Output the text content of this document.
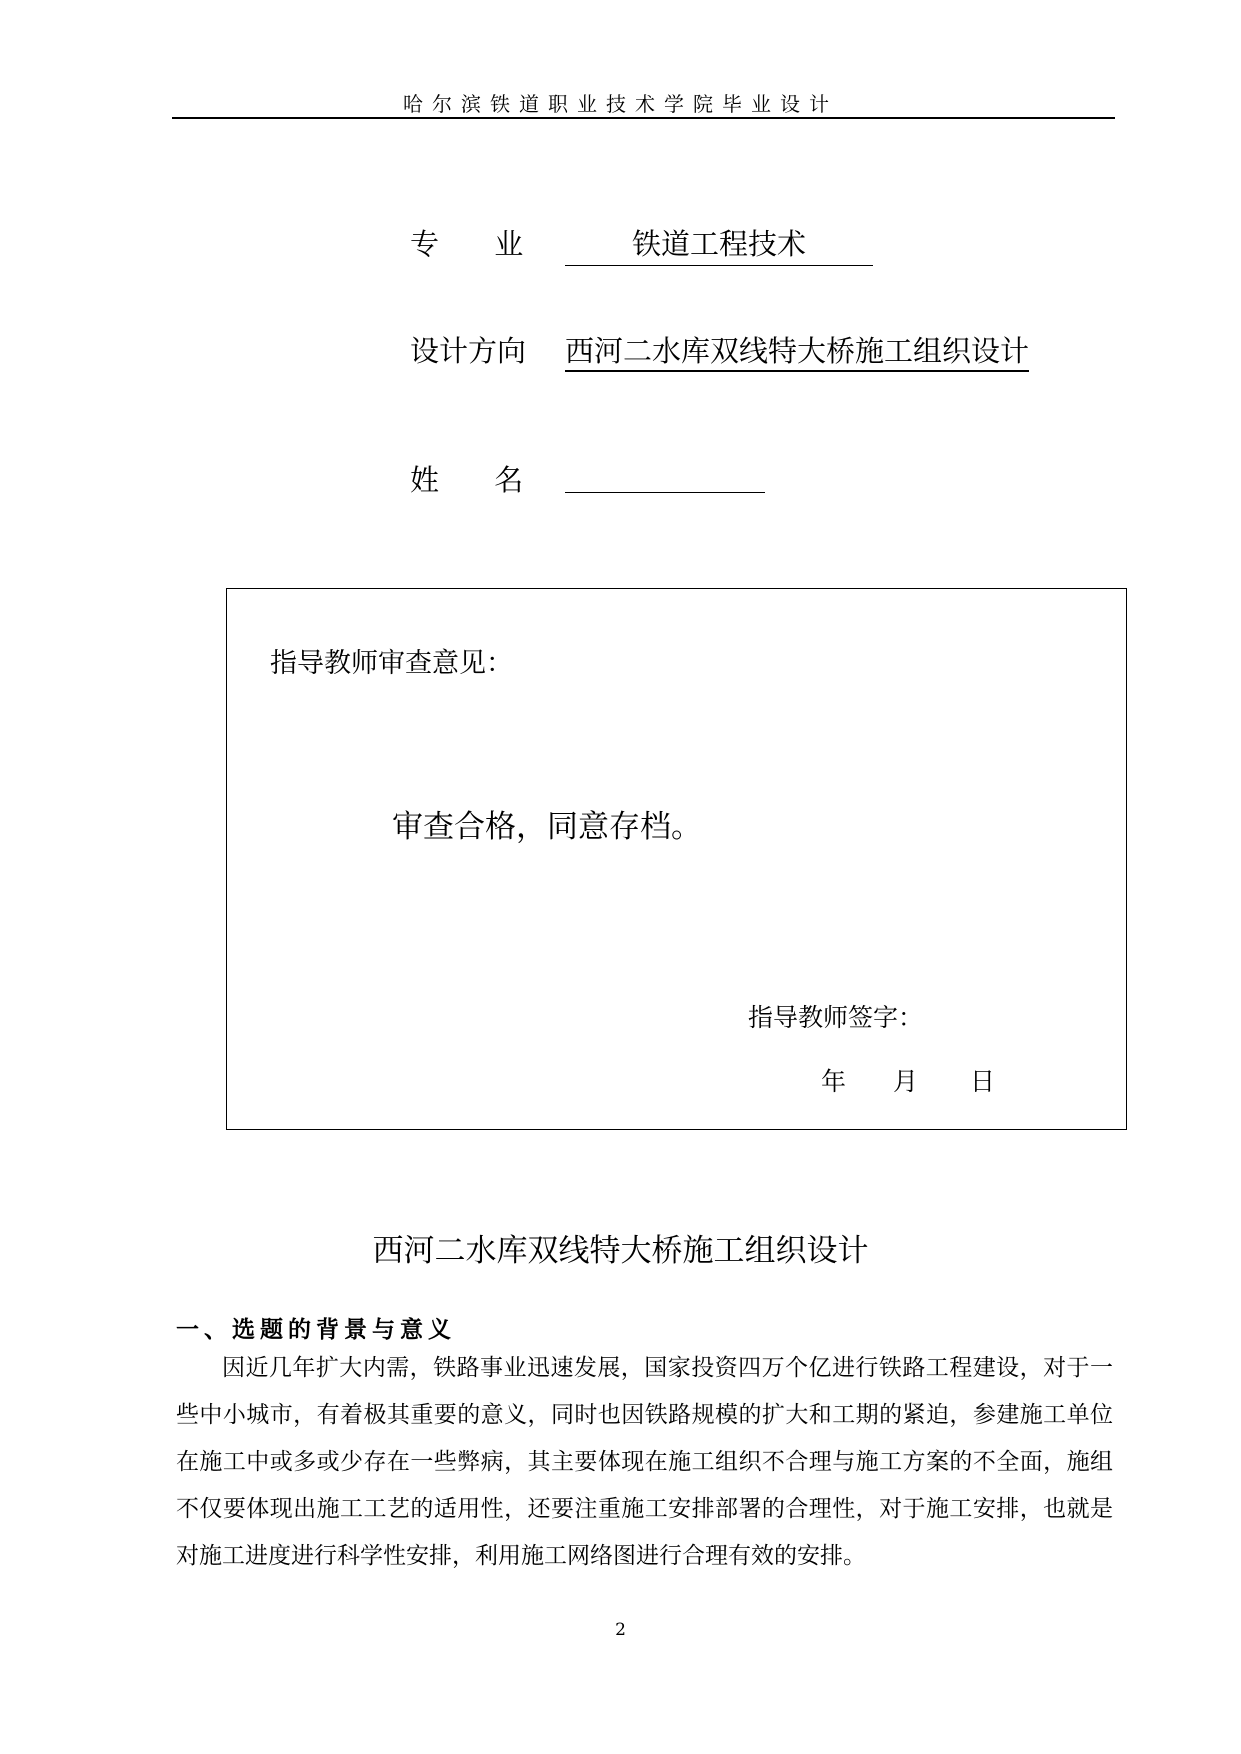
哈尔滨铁道职业技术学院毕业设计
专      业	铁道工程技术
设计方向 西河二水库双线特大桥施工组织设计
姓      名
指导教师审查意见：
审查合格，同意存档。
指导教师签字：
年 月 日
西河二水库双线特大桥施工组织设计
一、选题的背景与意义
因近几年扩大内需，铁路事业迅速发展，国家投资四万个亿进行铁路工程建设，对于一些中小城市，有着极其重要的意义，同时也因铁路规模的扩大和工期的紧迫，参建施工单位在施工中或多或少存在一些弊病，其主要体现在施工组织不合理与施工方案的不全面，施组不仅要体现出施工工艺的适用性，还要注重施工安排部署的合理性，对于施工安排，也就是对施工进度进行科学性安排，利用施工网络图进行合理有效的安排。
2
